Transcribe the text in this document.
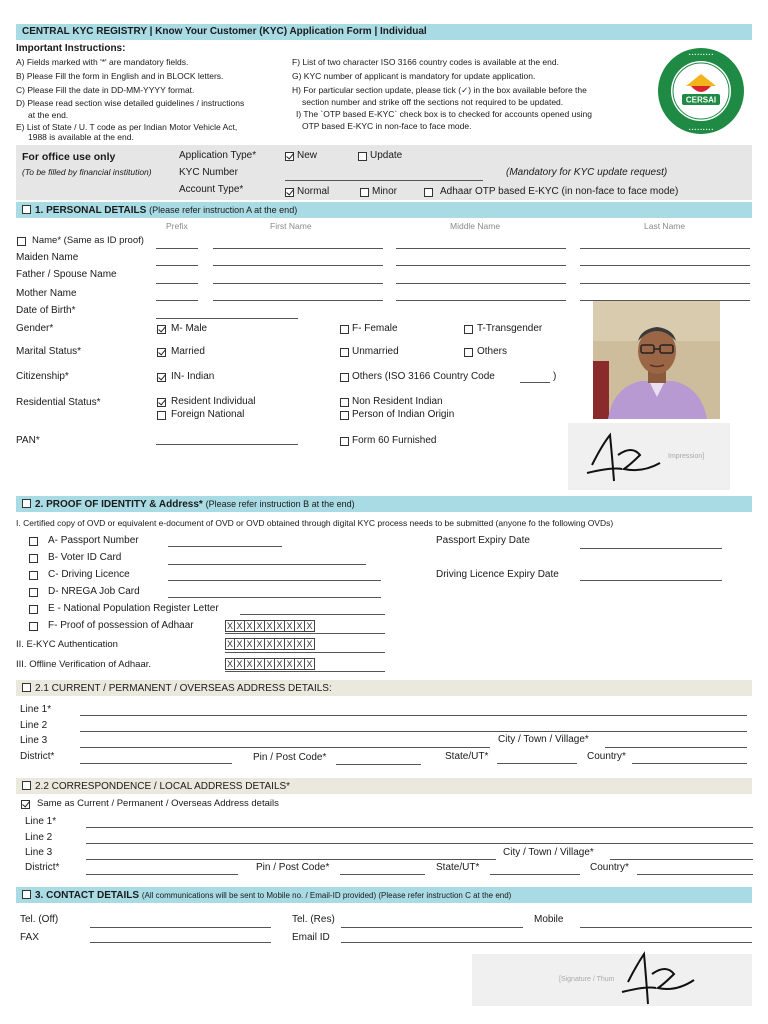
CENTRAL KYC REGISTRY | Know Your Customer (KYC) Application Form | Individual
Important Instructions:
A) Fields marked with '*' are mandatory fields.
B) Please Fill the form in English and in BLOCK letters.
C) Please Fill the date in DD-MM-YYYY format.
D) Please read section wise detailed guidelines / instructions
at the end.
E) List of State / U. T code as per Indian Motor Vehicle Act,
1988 is available at the end.
F) List of two character ISO 3166 country codes is available at the end.
G) KYC number of applicant is mandatory for update application.
H) For particular section update, please tick (✓) in the box available before the
section number and strike off the sections not required to be updated.
I) The `OTP based E-KYC` check box is to checked for accounts opened using
OTP based E-KYC in non-face to face mode.
CERSAI
• • • • • • • • •
• • • • • • • • •
For office use only
(To be filled by financial institution)
Application Type*	New	Update
KYC Number	(Mandatory for KYC update request)
Account Type*	Normal	Minor	Adhaar OTP based E-KYC (in non-face to face mode)
1. PERSONAL DETAILS (Please refer instruction A at the end)
Prefix	First Name	Middle Name	Last Name
Name* (Same as ID proof)
Maiden Name
Father / Spouse Name
Mother Name
Date of Birth*
Gender*	M- Male	F- Female	T-Transgender
Marital Status*	Married	Unmarried	Others
Citizenship*	IN- Indian	Others (ISO 3166 Country Code	)
Residential Status*	Resident Individual	Non Resident Indian
Foreign National	Person of Indian Origin
PAN*	Form 60 Furnished
Impression]
2. PROOF OF IDENTITY & Address* (Please refer instruction B at the end)
I. Certified copy of OVD or equivalent e-document of OVD or OVD obtained through digital KYC process needs to be submitted (anyone fo the following OVDs)
A- Passport Number	Passport Expiry Date
B- Voter ID Card
C- Driving Licence	Driving Licence Expiry Date
D- NREGA Job Card
E - National Population Register Letter
F- Proof of possession of Adhaar	X X X X X X X X X
II. E-KYC Authentication	X X X X X X X X X
III. Offline Verification of Adhaar.	X X X X X X X X X
2.1 CURRENT / PERMANENT / OVERSEAS ADDRESS DETAILS:
Line 1*
Line 2
Line 3	City / Town / Village*
District*	Pin / Post Code*	State/UT*	Country*
2.2 CORRESPONDENCE / LOCAL ADDRESS DETAILS*
Same as Current / Permanent / Overseas Address details
Line 1*
Line 2
Line 3	City / Town / Village*
District*	Pin / Post Code*	State/UT*	Country*
3. CONTACT DETAILS (All communications will be sent to Mobile no. / Email-ID provided) (Please refer instruction C at the end)
Tel. (Off)	Tel. (Res)	Mobile
FAX	Email ID
[Signature / Thum
